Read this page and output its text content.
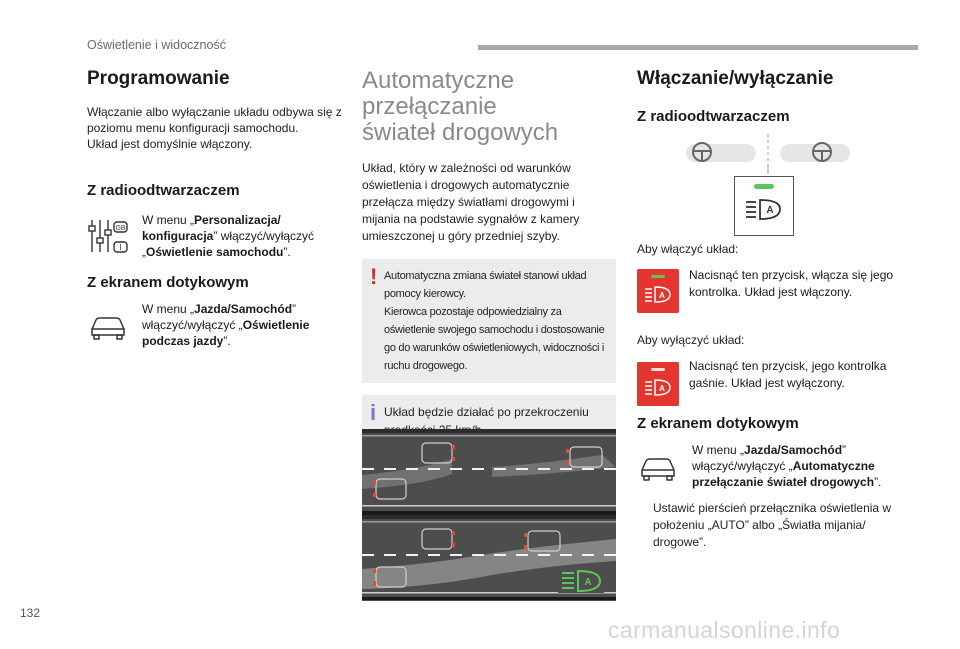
Oświetlenie i widoczność
Programowanie

Włączanie albo wyłączanie układu odbywa się z poziomu menu konfiguracji samochodu.
Układ jest domyślnie włączony.

Z radioodtwarzaczem
GB
I
W menu „Personalizacja/ konfiguracja” włączyć/wyłączyć „Oświetlenie samochodu”.
Z ekranem dotykowym
W menu „Jazda/Samochód” włączyć/wyłączyć „Oświetlenie podczas jazdy”.
Automatyczne przełączanie
świateł drogowych

Układ, który w zależności od warunków oświetlenia i drogowych automatycznie przełącza między światłami drogowymi i mijania na podstawie sygnałów z kamery umieszczonej u góry przedniej szyby.

! Automatyczna zmiana świateł stanowi układ pomocy kierowcy.
Kierowca pozostaje odpowiedzialny za oświetlenie swojego samochodu i dostosowanie go do warunków oświetleniowych, widoczności i ruchu drogowego.
i Układ będzie działać po przekroczeniu

A
Włączanie/wyłączanie
Z radioodtwarzaczem
A

Aby włączyć układ:

A
Nacisnąć ten przycisk, włącza się jego kontrolka. Układ jest włączony.

Aby wyłączyć układ:

A
Nacisnąć ten przycisk, jego kontrolka gaśnie. Układ jest wyłączony.
Z ekranem dotykowym
W menu „Jazda/Samochód” włączyć/wyłączyć „Automatyczne przełączanie świateł drogowych”.

Ustawić pierścień przełącznika oświetlenia w położeniu „AUTO” albo „Światła mijania/ drogowe”.

132
carmanualsonline.info
